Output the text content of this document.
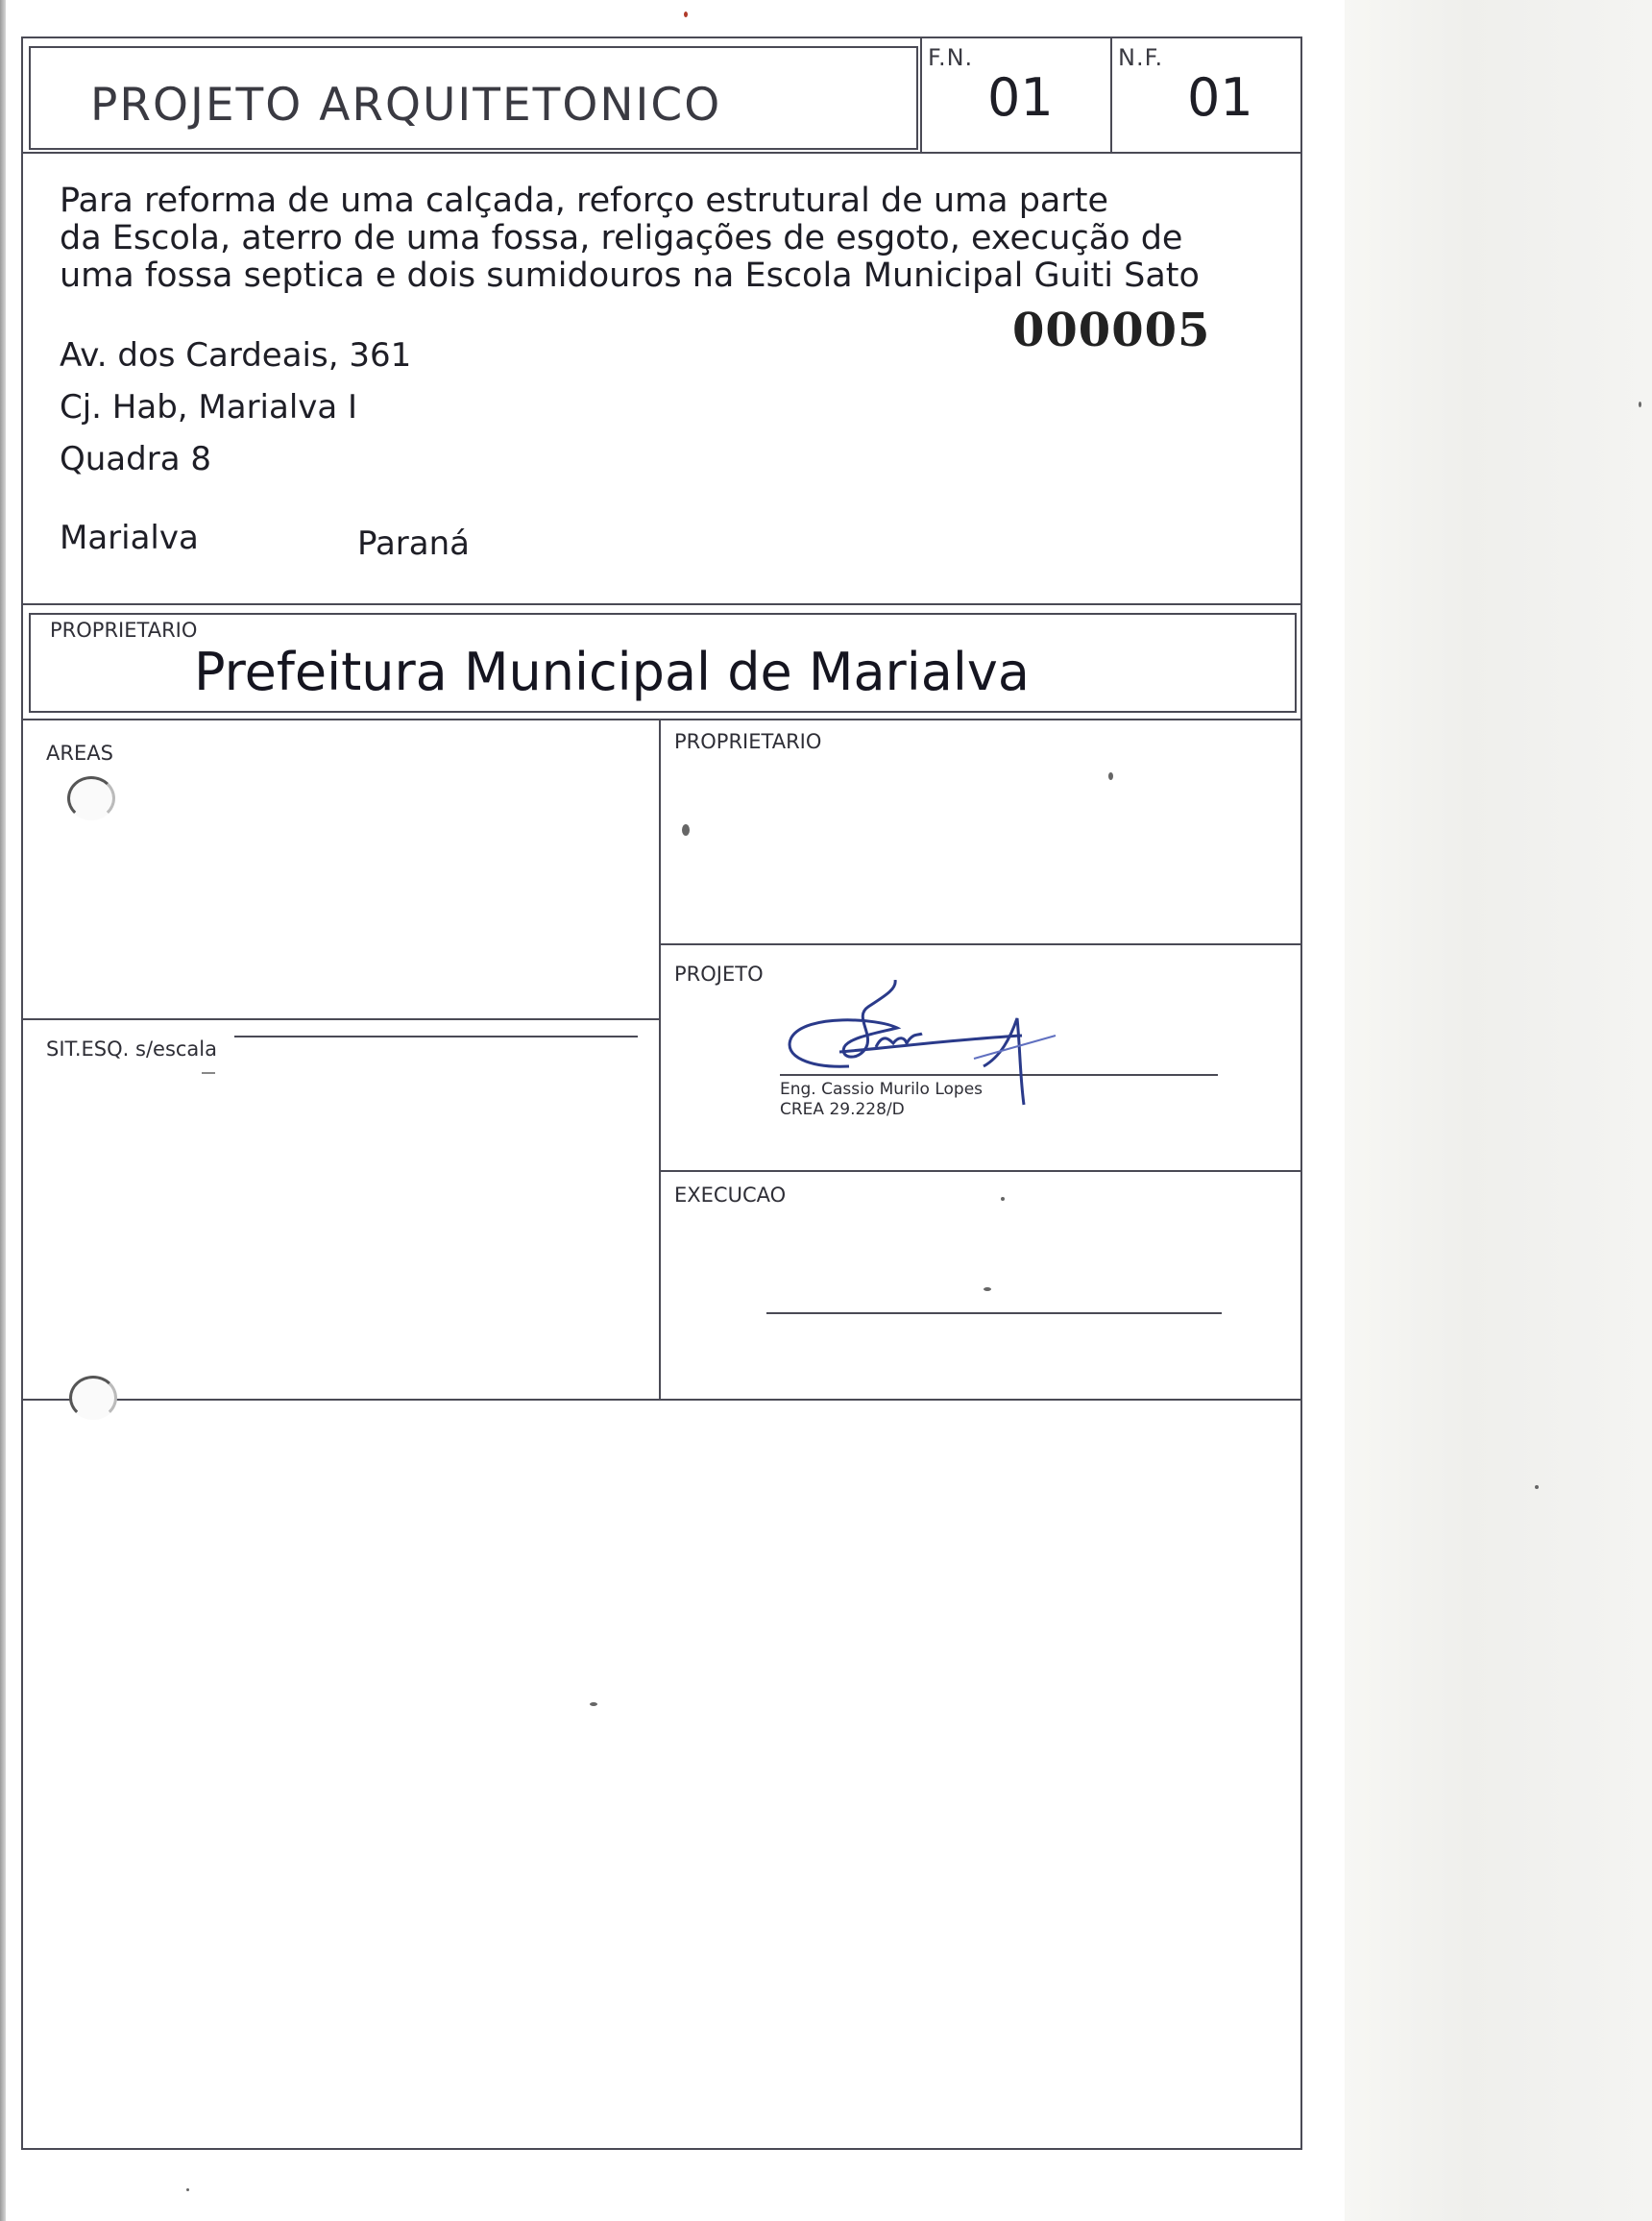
PROJETO ARQUITETONICO
F.N.
01
N.F.
01
Para reforma de uma calçada, reforço estrutural de uma parte
da Escola, aterro de uma fossa, religações de esgoto, execução de
uma fossa septica e dois sumidouros na Escola Municipal Guiti Sato
000005
Av. dos Cardeais, 361
Cj. Hab, Marialva I
Quadra 8
Marialva	Paraná
PROPRIETARIO
Prefeitura Municipal de Marialva
AREAS
SIT.ESQ. s/escala
PROPRIETARIO
PROJETO
Eng. Cassio Murilo Lopes
CREA 29.228/D
EXECUCAO
